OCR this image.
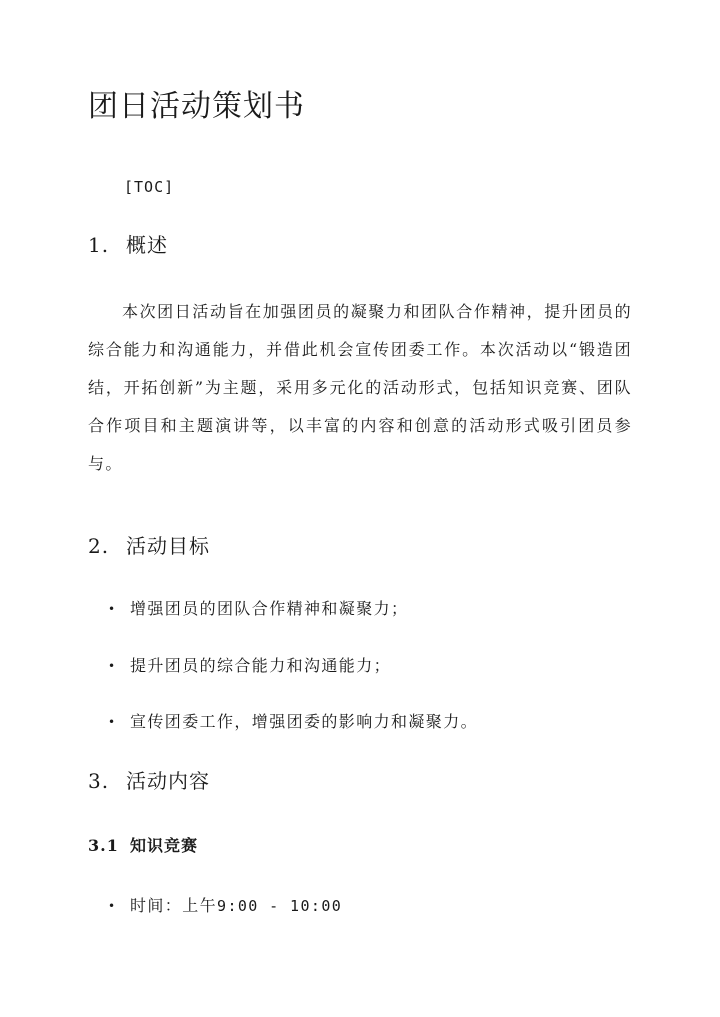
团日活动策划书

[TOC]

1. 概述

本次团日活动旨在加强团员的凝聚力和团队合作精神，提升团员的综合能力和沟通能力，并借此机会宣传团委工作。本次活动以“锻造团结，开拓创新”为主题，采用多元化的活动形式，包括知识竞赛、团队合作项目和主题演讲等，以丰富的内容和创意的活动形式吸引团员参与。

2. 活动目标

• 增强团员的团队合作精神和凝聚力；

• 提升团员的综合能力和沟通能力；

• 宣传团委工作，增强团委的影响力和凝聚力。

3. 活动内容
3.1 知识竞赛

• 时间：上午9:00 - 10:00
